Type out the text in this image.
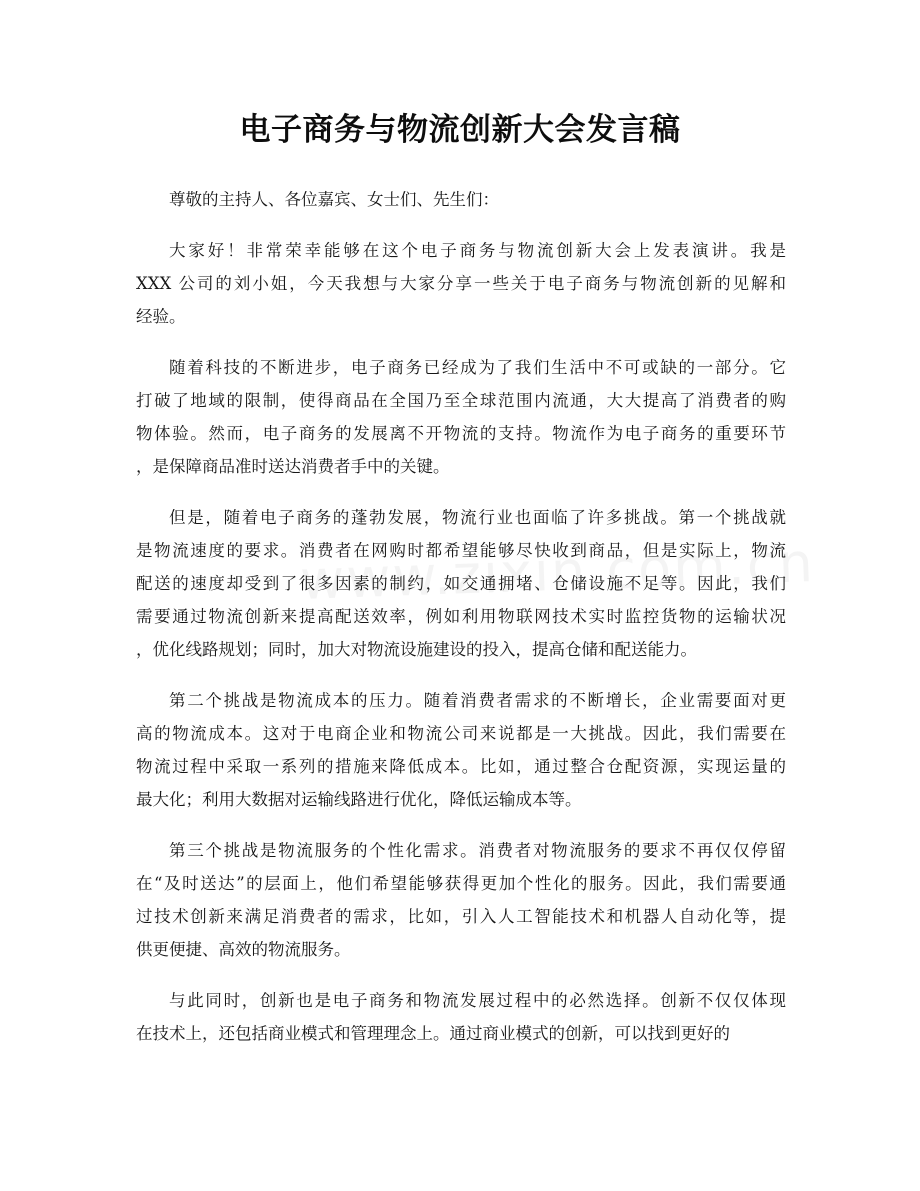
电子商务与物流创新大会发言稿
尊敬的主持人、各位嘉宾、女士们、先生们：
大家好！非常荣幸能够在这个电子商务与物流创新大会上发表演讲。我是
XXX 公司的刘小姐，今天我想与大家分享一些关于电子商务与物流创新的见解和
经验。
随着科技的不断进步，电子商务已经成为了我们生活中不可或缺的一部分。它
打破了地域的限制，使得商品在全国乃至全球范围内流通，大大提高了消费者的购
物体验。然而，电子商务的发展离不开物流的支持。物流作为电子商务的重要环节
，是保障商品准时送达消费者手中的关键。
但是，随着电子商务的蓬勃发展，物流行业也面临了许多挑战。第一个挑战就
是物流速度的要求。消费者在网购时都希望能够尽快收到商品，但是实际上，物流
配送的速度却受到了很多因素的制约，如交通拥堵、仓储设施不足等。因此，我们
需要通过物流创新来提高配送效率，例如利用物联网技术实时监控货物的运输状况
，优化线路规划；同时，加大对物流设施建设的投入，提高仓储和配送能力。
第二个挑战是物流成本的压力。随着消费者需求的不断增长，企业需要面对更
高的物流成本。这对于电商企业和物流公司来说都是一大挑战。因此，我们需要在
物流过程中采取一系列的措施来降低成本。比如，通过整合仓配资源，实现运量的
最大化；利用大数据对运输线路进行优化，降低运输成本等。
第三个挑战是物流服务的个性化需求。消费者对物流服务的要求不再仅仅停留
在“及时送达”的层面上，他们希望能够获得更加个性化的服务。因此，我们需要通
过技术创新来满足消费者的需求，比如，引入人工智能技术和机器人自动化等，提
供更便捷、高效的物流服务。
与此同时，创新也是电子商务和物流发展过程中的必然选择。创新不仅仅体现
在技术上，还包括商业模式和管理理念上。通过商业模式的创新，可以找到更好的
